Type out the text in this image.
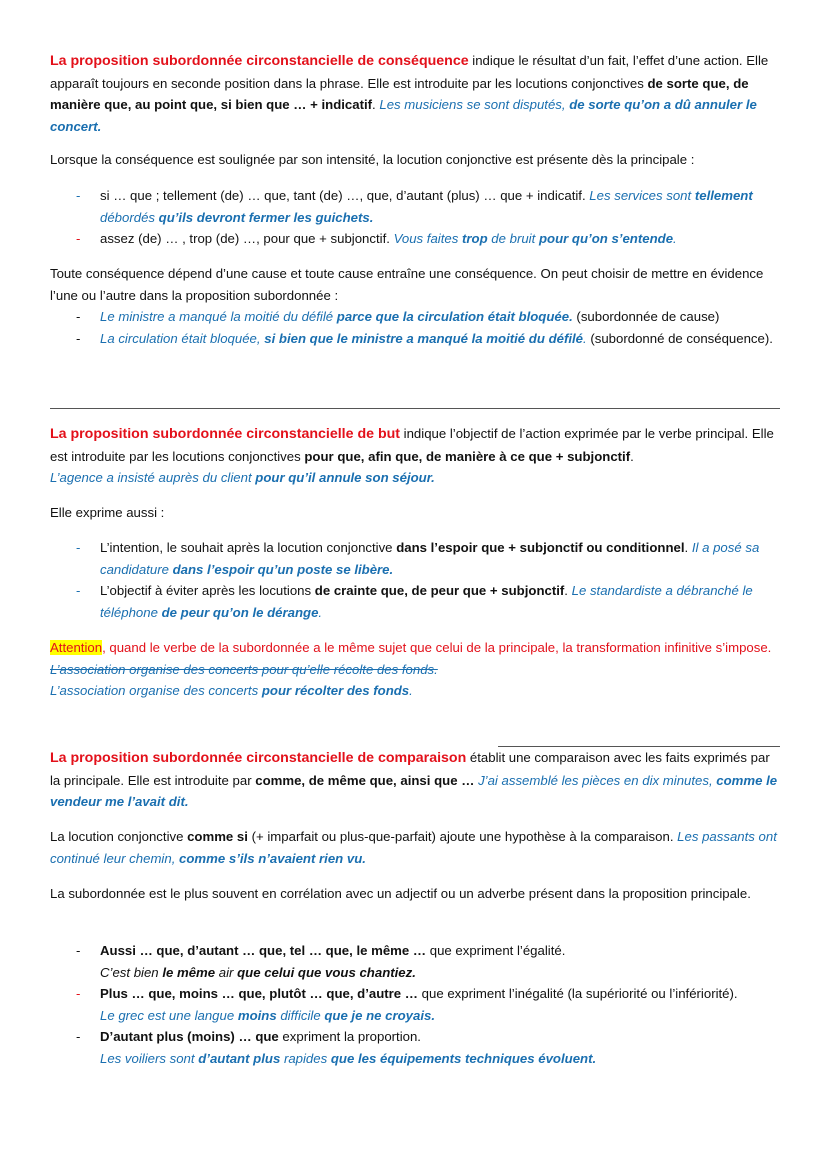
La proposition subordonnée circonstancielle de conséquence indique le résultat d’un fait, l’effet d’une action. Elle apparaît toujours en seconde position dans la phrase. Elle est introduite par les locutions conjonctives de sorte que, de manière que, au point que, si bien que … + indicatif. Les musiciens se sont disputés, de sorte qu’on a dû annuler le concert.

Lorsque la conséquence est soulignée par son intensité, la locution conjonctive est présente dès la principale :

- si … que ; tellement (de) … que, tant (de) …, que, d’autant (plus) … que + indicatif. Les services sont tellement débordés qu’ils devront fermer les guichets.
- assez (de) … , trop (de) …, pour que + subjonctif. Vous faites trop de bruit pour qu’on s’entende.

Toute conséquence dépend d’une cause et toute cause entraîne une conséquence. On peut choisir de mettre en évidence l’une ou l’autre dans la proposition subordonnée :

- Le ministre a manqué la moitié du défilé parce que la circulation était bloquée. (subordonnée de cause)
- La circulation était bloquée, si bien que le ministre a manqué la moitié du défilé. (subordonné de conséquence).

La proposition subordonnée circonstancielle de but indique l’objectif de l’action exprimée par le verbe principal. Elle est introduite par les locutions conjonctives pour que, afin que, de manière à ce que + subjonctif.
L’agence a insisté auprès du client pour qu’il annule son séjour.

Elle exprime aussi :

- L’intention, le souhait après la locution conjonctive dans l’espoir que + subjonctif ou conditionnel. Il a posé sa candidature dans l’espoir qu’un poste se libère.
- L’objectif à éviter après les locutions de crainte que, de peur que + subjonctif. Le standardiste a débranché le téléphone de peur qu’on le dérange.

Attention, quand le verbe de la subordonnée a le même sujet que celui de la principale, la transformation infinitive s’impose.

L’association organise des concerts pour qu’elle récolte des fonds.

L’association organise des concerts pour récolter des fonds.

La proposition subordonnée circonstancielle de comparaison établit une comparaison avec les faits exprimés par la principale. Elle est introduite par comme, de même que, ainsi que … J’ai assemblé les pièces en dix minutes, comme le vendeur me l’avait dit.

La locution conjonctive comme si (+ imparfait ou plus-que-parfait) ajoute une hypothèse à la comparaison. Les passants ont continué leur chemin, comme s’ils n’avaient rien vu.

La subordonnée est le plus souvent en corrélation avec un adjectif ou un adverbe présent dans la proposition principale.

- Aussi … que, d’autant … que, tel … que, le même … que expriment l’égalité.
C’est bien le même air que celui que vous chantiez.
- Plus … que, moins … que, plutôt … que, d’autre … que expriment l’inégalité (la supériorité ou l’infériorité).
Le grec est une langue moins difficile que je ne croyais.
- D’autant plus (moins) … que expriment la proportion.
Les voiliers sont d’autant plus rapides que les équipements techniques évoluent.
